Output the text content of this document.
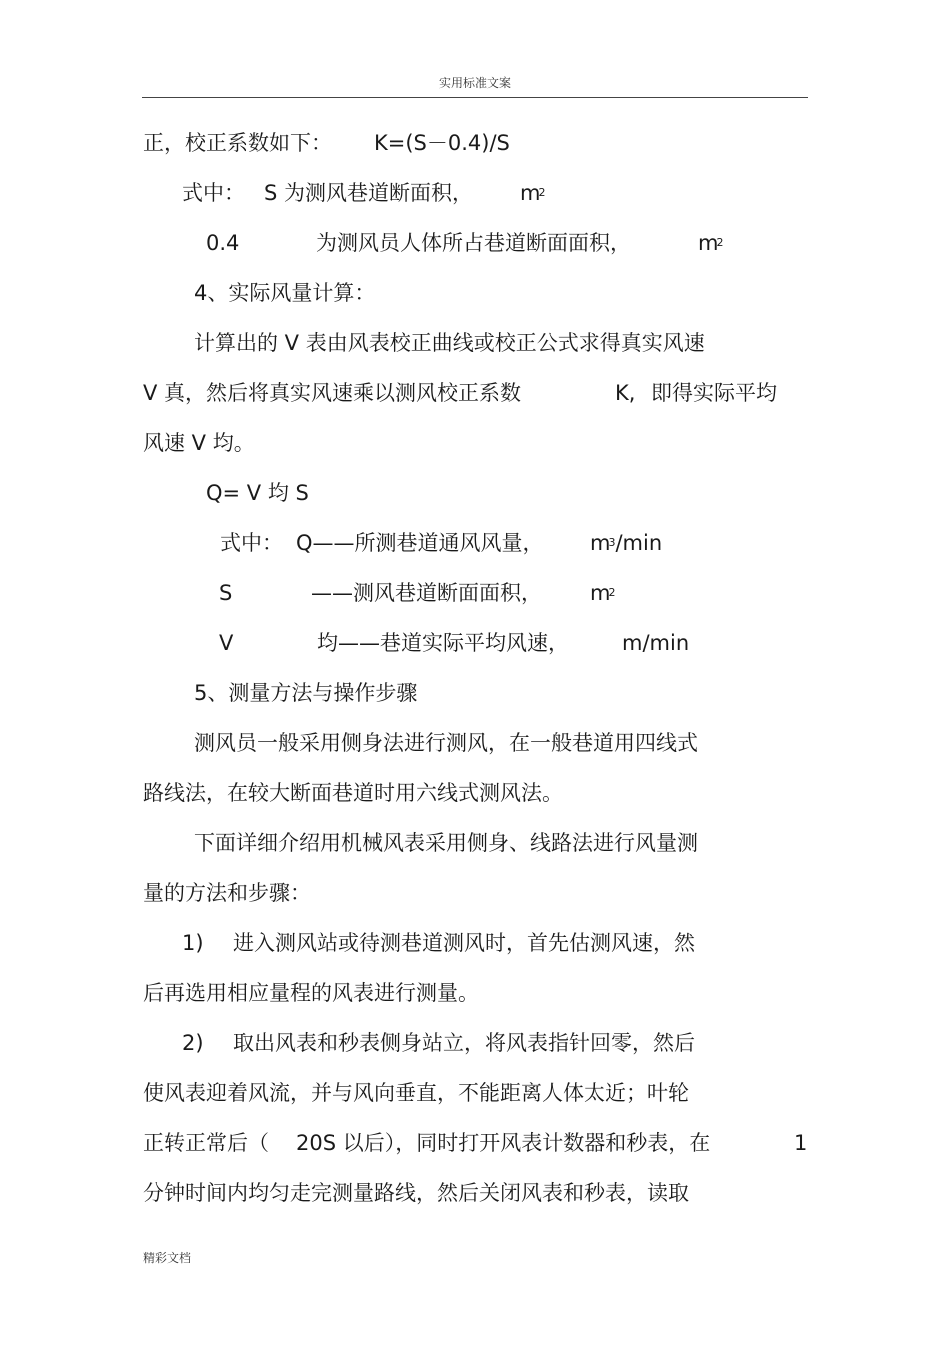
实用标准文案
正，校正系数如下： K=(S－0.4)/S
式中： S 为测风巷道断面积， $m^2$
0.4	为测风员人体所占巷道断面面积，	$m^2$
4、实际风量计算：
计算出的 V 表由风表校正曲线或校正公式求得真实风速
V 真，然后将真实风速乘以测风校正系数	K, 即得实际平均
风速 V 均。
Q= V 均 S
式中： Q——所测巷道通风风量， $m^3/\min$
S	——测风巷道断面面积， $m^2$
V	均——巷道实际平均风速，	m/min
5、测量方法与操作步骤
测风员一般采用侧身法进行测风，在一般巷道用四线式
路线法，在较大断面巷道时用六线式测风法。
下面详细介绍用机械风表采用侧身、线路法进行风量测
量的方法和步骤：
1) 进入测风站或待测巷道测风时，首先估测风速，然
后再选用相应量程的风表进行测量。
2) 取出风表和秒表侧身站立，将风表指针回零，然后
使风表迎着风流，并与风向垂直，不能距离人体太近；叶轮
正转正常后（ 20S 以后），同时打开风表计数器和秒表，在	1
分钟时间内均匀走完测量路线，然后关闭风表和秒表，读取
精彩文档
